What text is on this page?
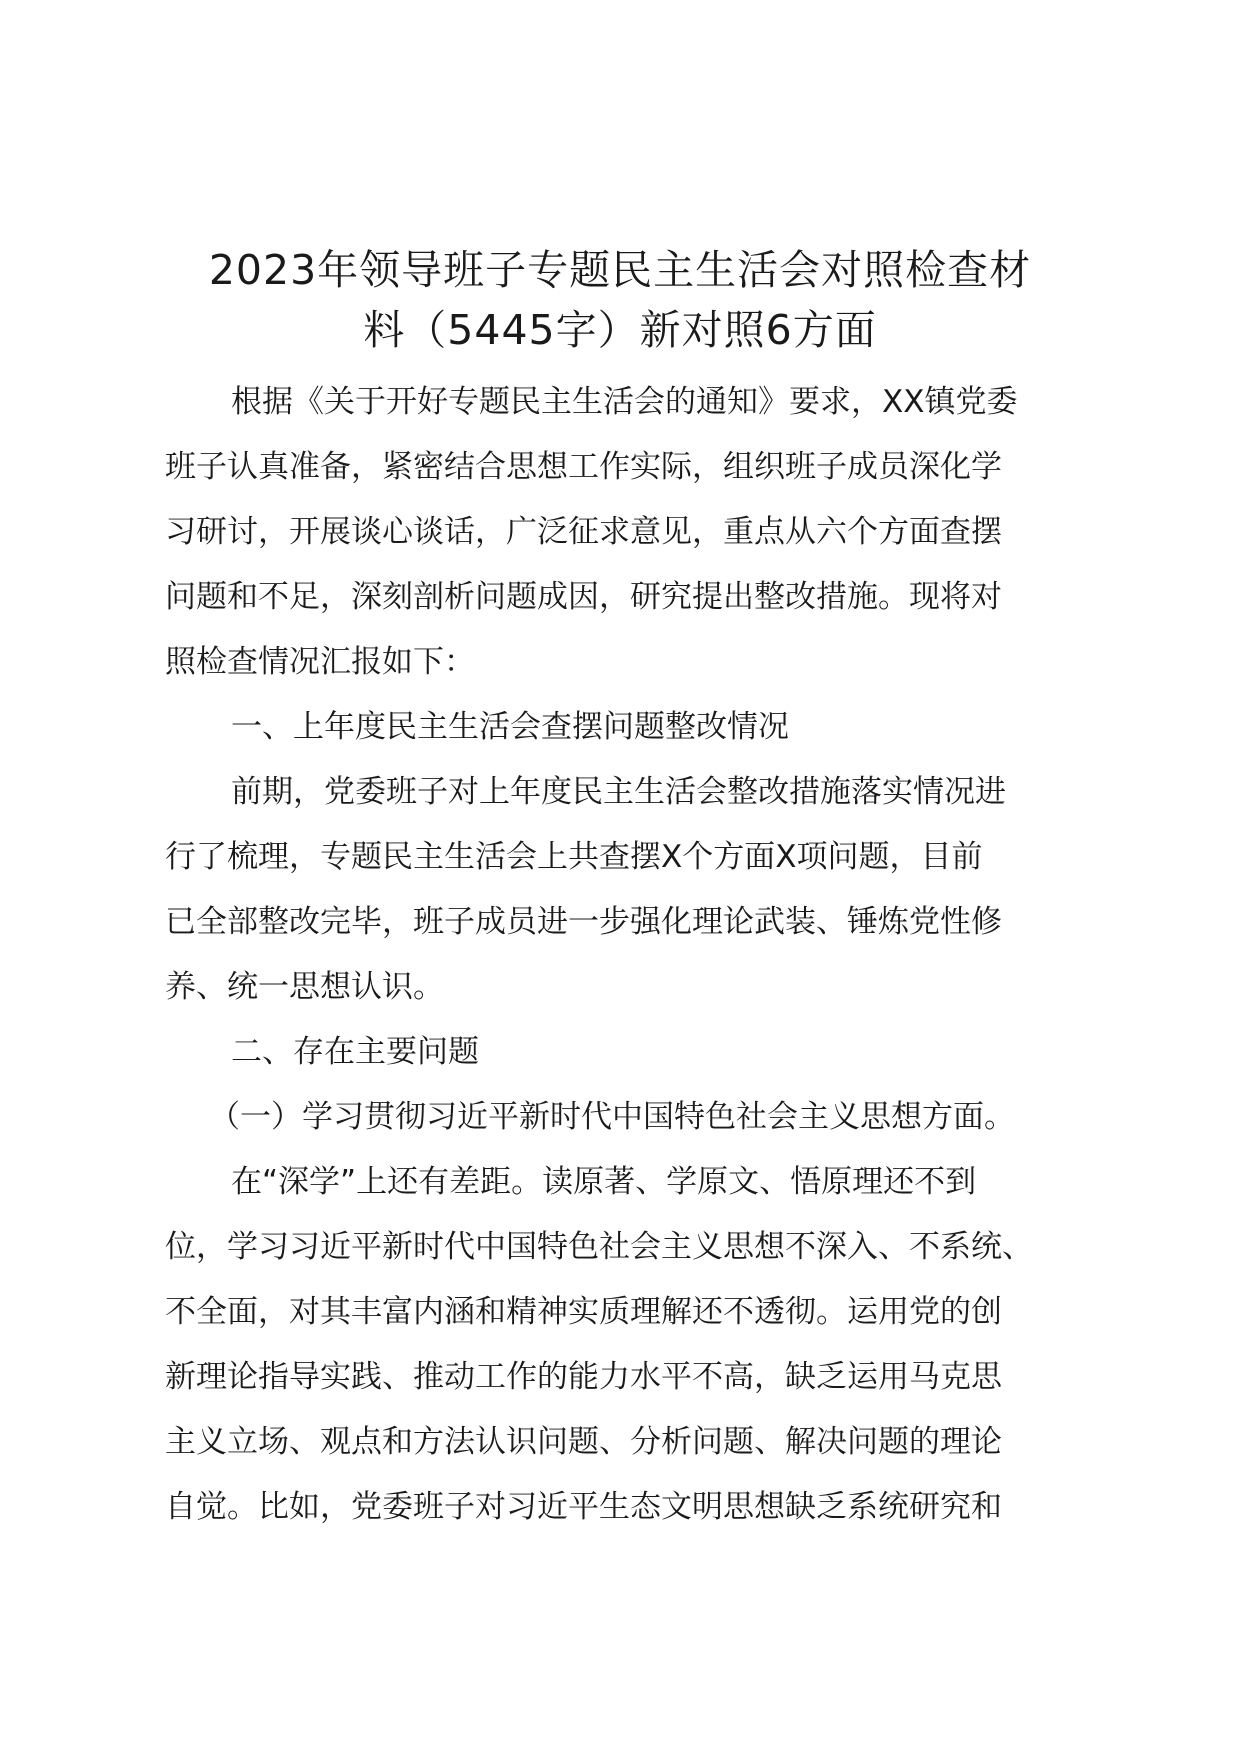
2023年领导班子专题民主生活会对照检查材
料（5445字）新对照6方面
根据《关于开好专题民主生活会的通知》要求，XX镇党委
班子认真准备，紧密结合思想工作实际，组织班子成员深化学
习研讨，开展谈心谈话，广泛征求意见，重点从六个方面查摆
问题和不足，深刻剖析问题成因，研究提出整改措施。现将对
照检查情况汇报如下：
一、上年度民主生活会查摆问题整改情况
前期，党委班子对上年度民主生活会整改措施落实情况进
行了梳理，专题民主生活会上共查摆X个方面X项问题，目前
已全部整改完毕，班子成员进一步强化理论武装、锤炼党性修
养、统一思想认识。
二、存在主要问题
（一）学习贯彻习近平新时代中国特色社会主义思想方面。
在“深学”上还有差距。读原著、学原文、悟原理还不到
位，学习习近平新时代中国特色社会主义思想不深入、不系统、
不全面，对其丰富内涵和精神实质理解还不透彻。运用党的创
新理论指导实践、推动工作的能力水平不高，缺乏运用马克思
主义立场、观点和方法认识问题、分析问题、解决问题的理论
自觉。比如，党委班子对习近平生态文明思想缺乏系统研究和
